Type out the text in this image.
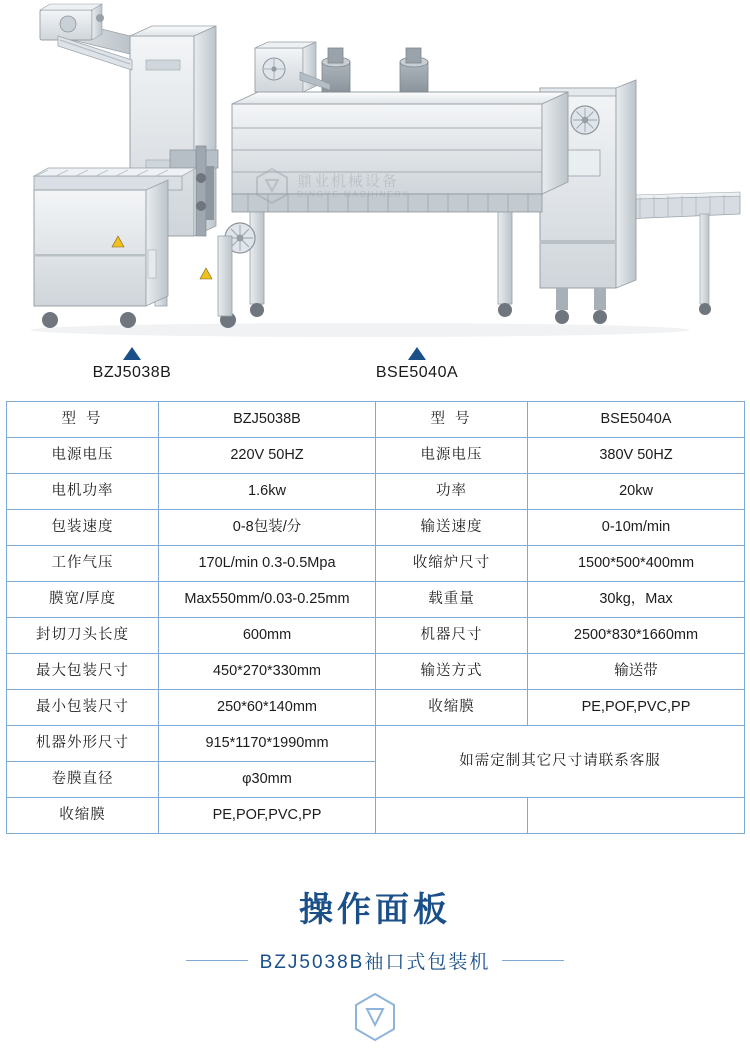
鼎业机械设备
DINGYE MACHINERY
BZJ5038B	BSE5040A
型 号	BZJ5038B	型 号	BSE5040A
电源电压	220V 50HZ	电源电压	380V 50HZ
电机功率	1.6kw	功率	20kw
包装速度	0-8包装/分	输送速度	0-10m/min
工作气压	170L/min 0.3-0.5Mpa	收缩炉尺寸	1500*500*400mm
膜宽/厚度	Max550mm/0.03-0.25mm	载重量	30kg，Max
封切刀头长度	600mm	机器尺寸	2500*830*1660mm
最大包装尺寸	450*270*330mm	输送方式	输送带
最小包装尺寸	250*60*140mm	收缩膜	PE,POF,PVC,PP
机器外形尺寸	915*1170*1990mm	如需定制其它尺寸请联系客服	
卷膜直径	φ30mm		
收缩膜	PE,POF,PVC,PP		
操作面板
BZJ5038B袖口式包装机
